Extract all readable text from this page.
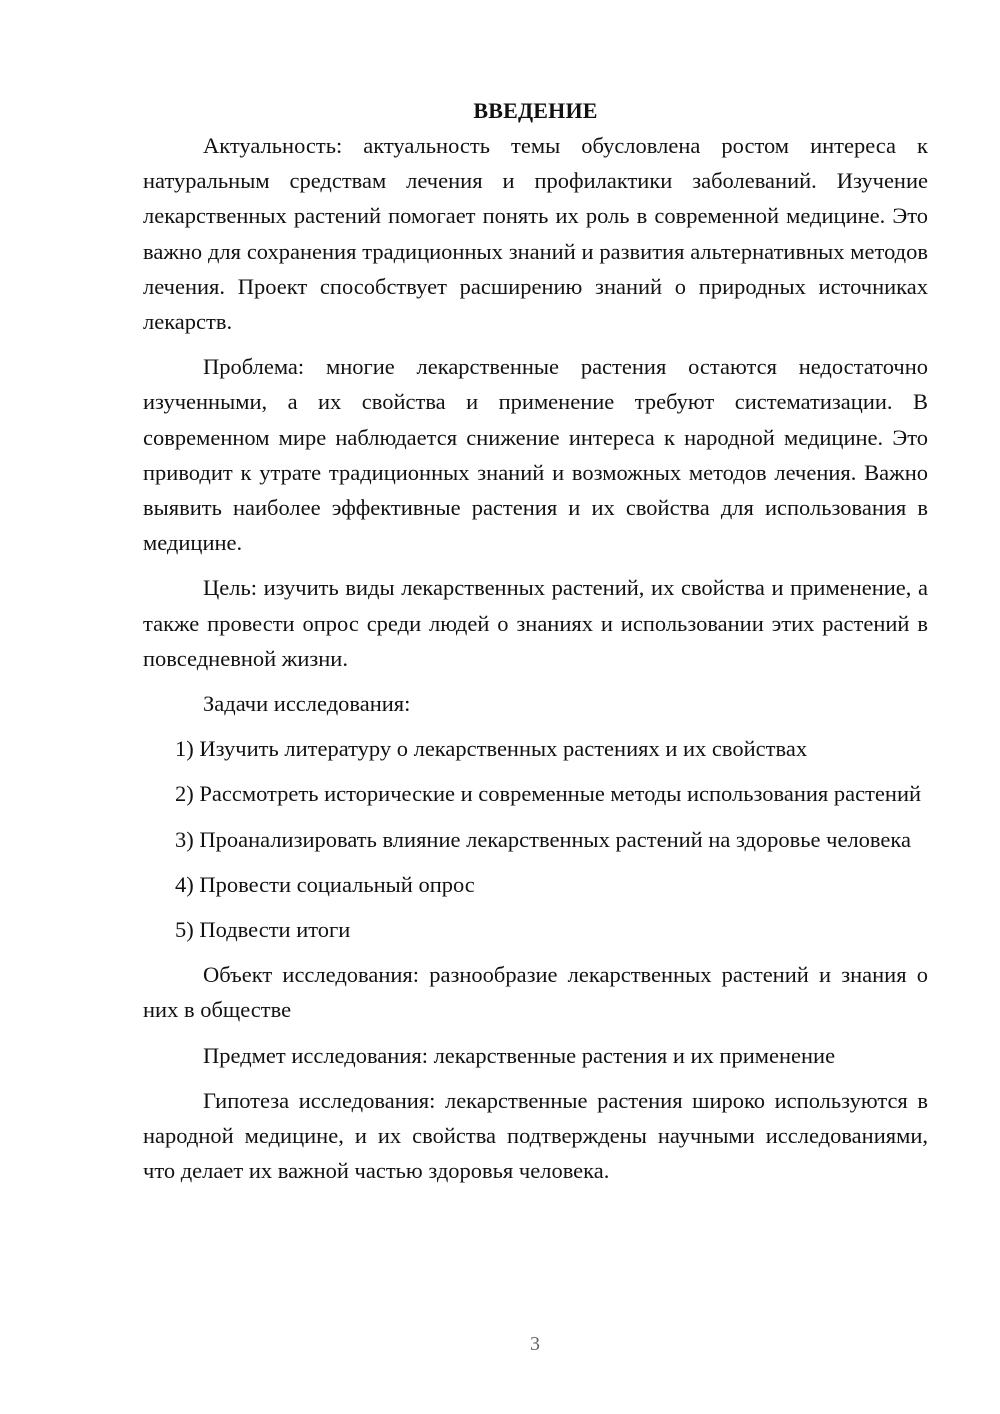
ВВЕДЕНИЕ

Актуальность: актуальность темы обусловлена ростом интереса к натуральным средствам лечения и профилактики заболеваний. Изучение лекарственных растений помогает понять их роль в современной медицине. Это важно для сохранения традиционных знаний и развития альтернативных методов лечения. Проект способствует расширению знаний о природных источниках лекарств.

Проблема: многие лекарственные растения остаются недостаточно изученными, а их свойства и применение требуют систематизации. В современном мире наблюдается снижение интереса к народной медицине. Это приводит к утрате традиционных знаний и возможных методов лечения. Важно выявить наиболее эффективные растения и их свойства для использования в медицине.

Цель: изучить виды лекарственных растений, их свойства и применение, а также провести опрос среди людей о знаниях и использовании этих растений в повседневной жизни.

Задачи исследования:

1) Изучить литературу о лекарственных растениях и их свойствах

2) Рассмотреть исторические и современные методы использования растений

3) Проанализировать влияние лекарственных растений на здоровье человека

4) Провести социальный опрос

5) Подвести итоги

Объект исследования: разнообразие лекарственных растений и знания о них в обществе

Предмет исследования: лекарственные растения и их применение

Гипотеза исследования: лекарственные растения широко используются в народной медицине, и их свойства подтверждены научными исследованиями, что делает их важной частью здоровья человека.

3
